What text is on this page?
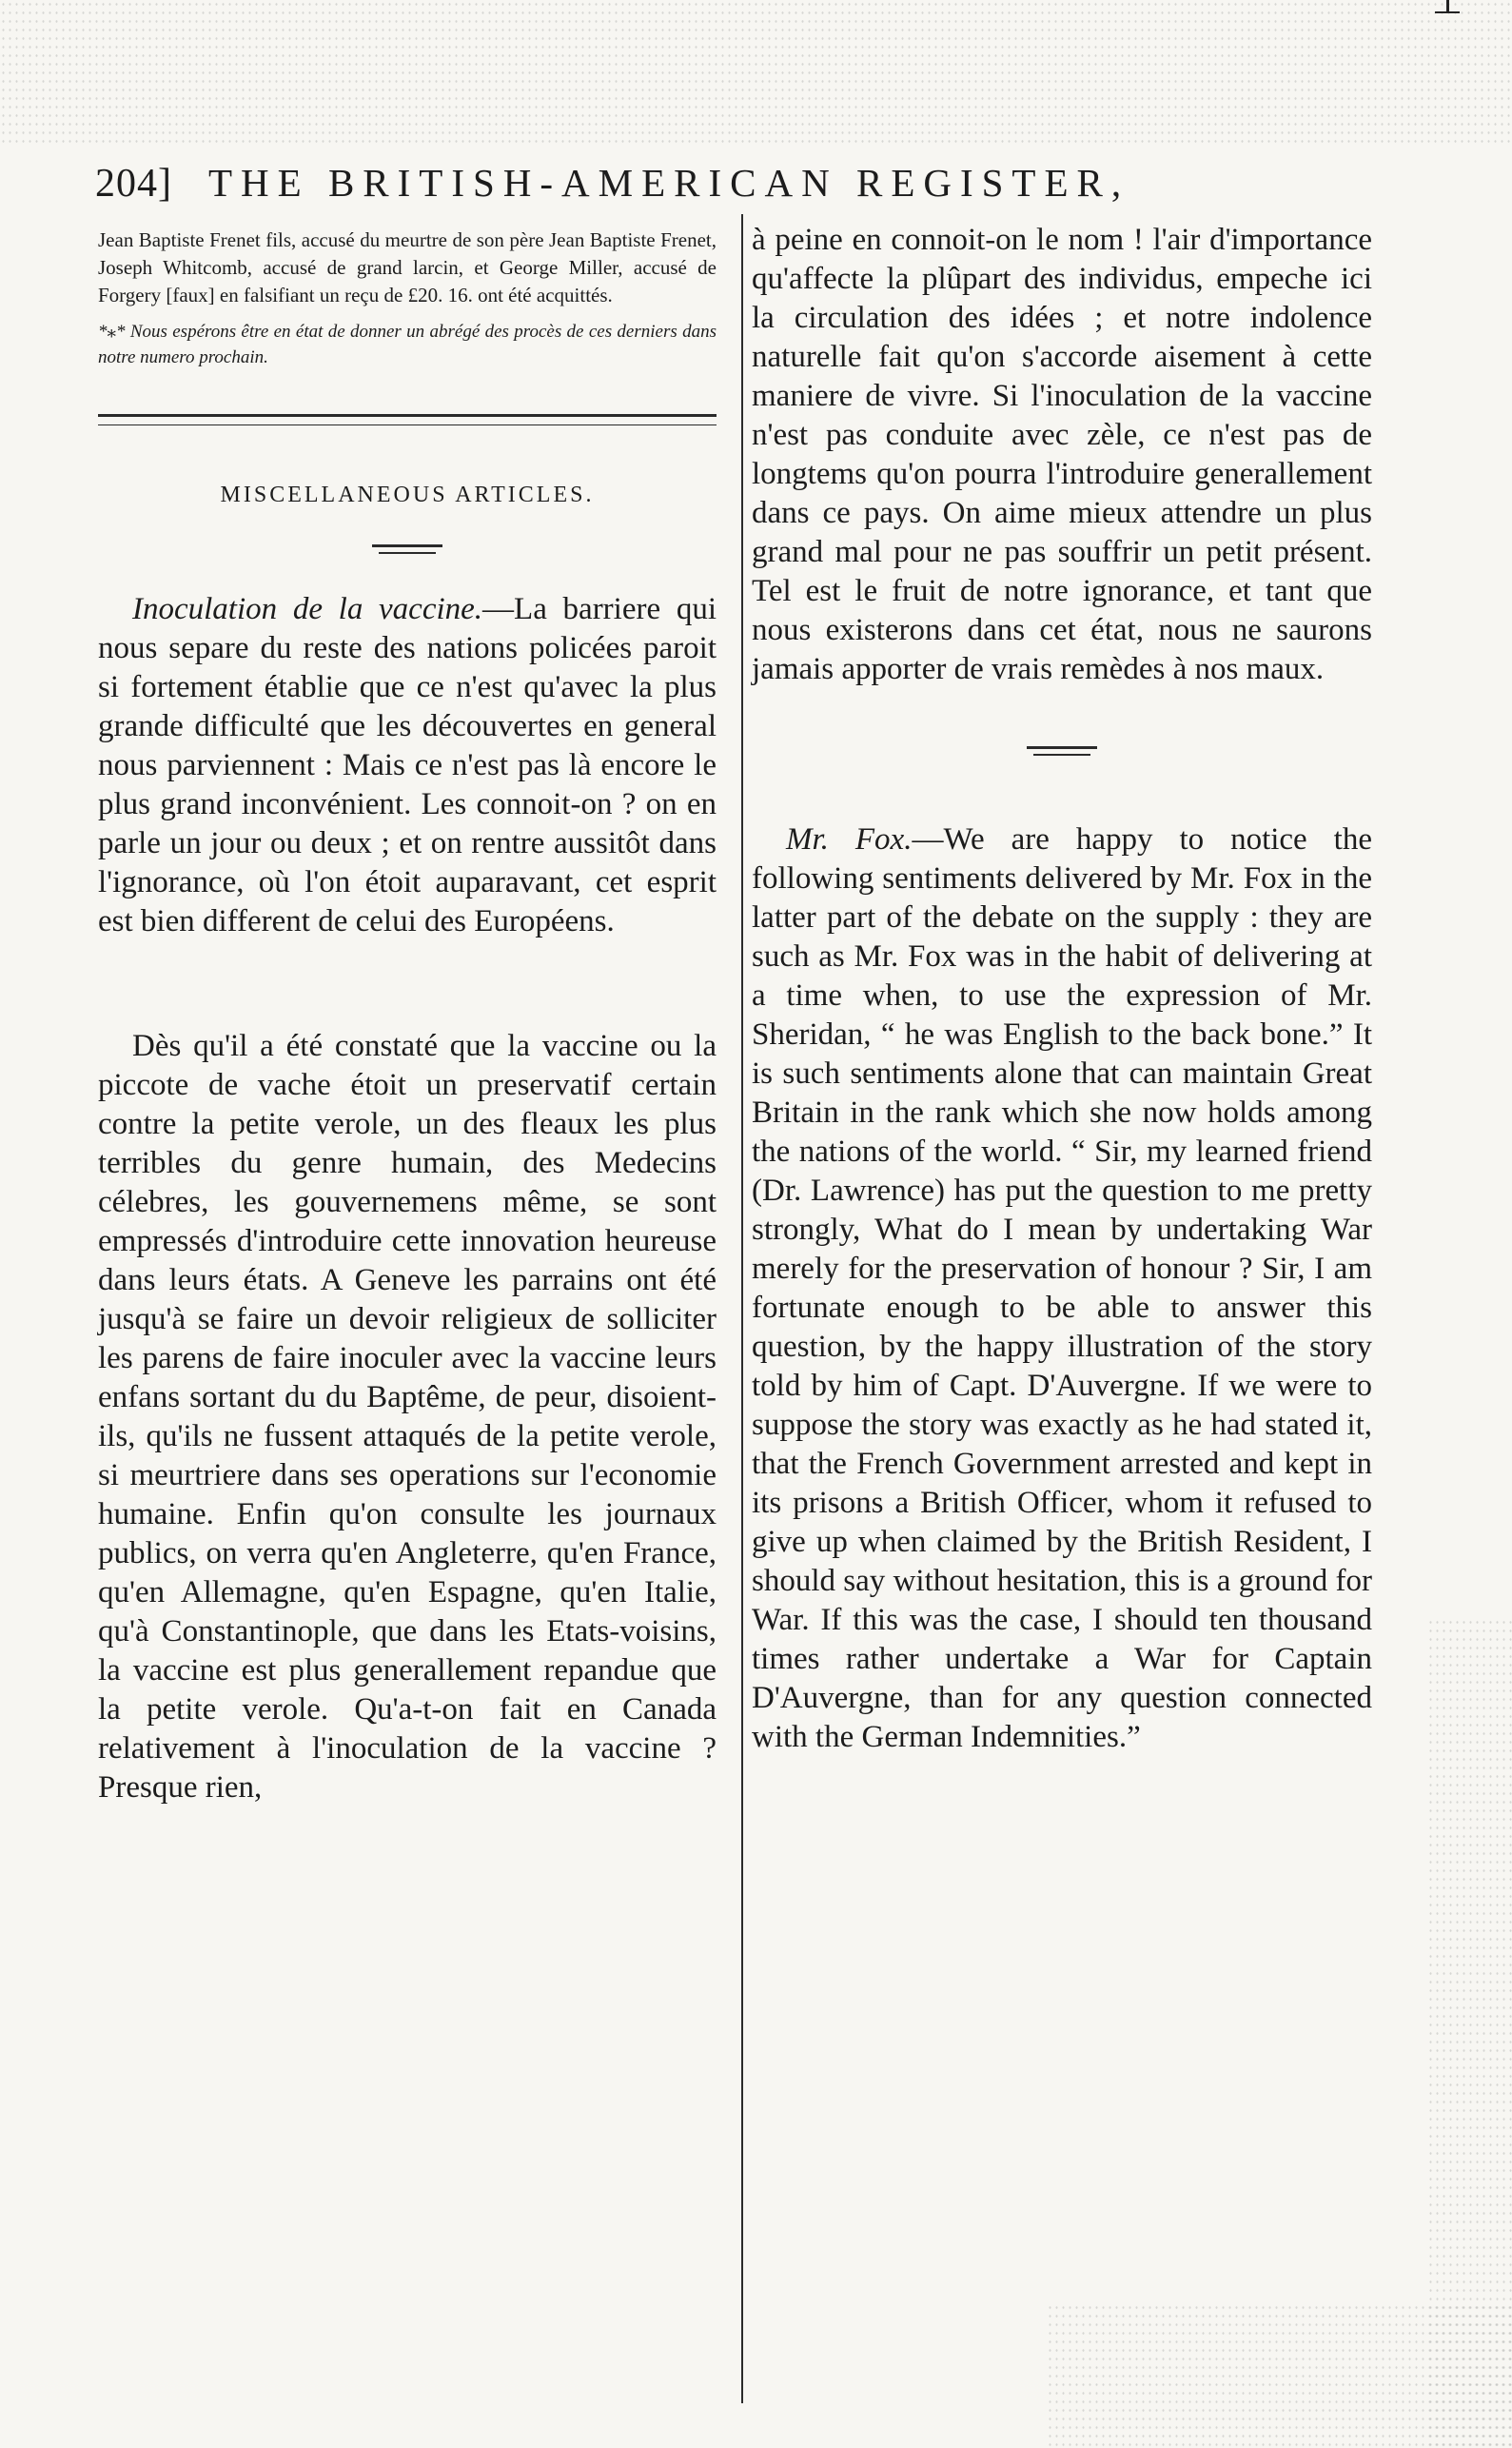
204] THE BRITISH-AMERICAN REGISTER,

Jean Baptiste Frenet fils, accusé du meurtre de son père Jean Baptiste Frenet, Joseph Whitcomb, accusé de grand larcin, et George Miller, accusé de Forgery [faux] en falsifiant un reçu de £20. 16. ont été acquittés.

*⁎* Nous espérons être en état de donner un abrégé des procès de ces derniers dans notre numero prochain.

MISCELLANEOUS ARTICLES.

Inoculation de la vaccine.—La barriere qui nous separe du reste des nations policées paroit si fortement établie que ce n'est qu'avec la plus grande difficulté que les découvertes en general nous parviennent : Mais ce n'est pas là encore le plus grand inconvénient. Les connoit-on ? on en parle un jour ou deux ; et on rentre aussitôt dans l'ignorance, où l'on étoit auparavant, cet esprit est bien different de celui des Européens.

Dès qu'il a été constaté que la vaccine ou la piccote de vache étoit un preservatif certain contre la petite verole, un des fleaux les plus terribles du genre humain, des Medecins célebres, les gouvernemens même, se sont empressés d'introduire cette innovation heureuse dans leurs états. A Geneve les parrains ont été jusqu'à se faire un devoir religieux de solliciter les parens de faire inoculer avec la vaccine leurs enfans sortant du du Baptême, de peur, disoient-ils, qu'ils ne fussent attaqués de la petite verole, si meurtriere dans ses operations sur l'economie humaine. Enfin qu'on consulte les journaux publics, on verra qu'en Angleterre, qu'en France, qu'en Allemagne, qu'en Espagne, qu'en Italie, qu'à Constantinople, que dans les Etats-voisins, la vaccine est plus generallement repandue que la petite verole. Qu'a-t-on fait en Canada relativement à l'inoculation de la vaccine ? Presque rien,

à peine en connoit-on le nom ! l'air d'importance qu'affecte la plûpart des individus, empeche ici la circulation des idées ; et notre indolence naturelle fait qu'on s'accorde aisement à cette maniere de vivre. Si l'inoculation de la vaccine n'est pas conduite avec zèle, ce n'est pas de longtems qu'on pourra l'introduire generallement dans ce pays. On aime mieux attendre un plus grand mal pour ne pas souffrir un petit présent. Tel est le fruit de notre ignorance, et tant que nous existerons dans cet état, nous ne saurons jamais apporter de vrais remèdes à nos maux.

Mr. Fox.—We are happy to notice the following sentiments delivered by Mr. Fox in the latter part of the debate on the supply : they are such as Mr. Fox was in the habit of delivering at a time when, to use the expression of Mr. Sheridan, “ he was English to the back bone.” It is such sentiments alone that can maintain Great Britain in the rank which she now holds among the nations of the world. “ Sir, my learned friend (Dr. Lawrence) has put the question to me pretty strongly, What do I mean by undertaking War merely for the preservation of honour ? Sir, I am fortunate enough to be able to answer this question, by the happy illustration of the story told by him of Capt. D'Auvergne. If we were to suppose the story was exactly as he had stated it, that the French Government arrested and kept in its prisons a British Officer, whom it refused to give up when claimed by the British Resident, I should say without hesitation, this is a ground for War. If this was the case, I should ten thousand times rather undertake a War for Captain D'Auvergne, than for any question connected with the German Indemnities.”
